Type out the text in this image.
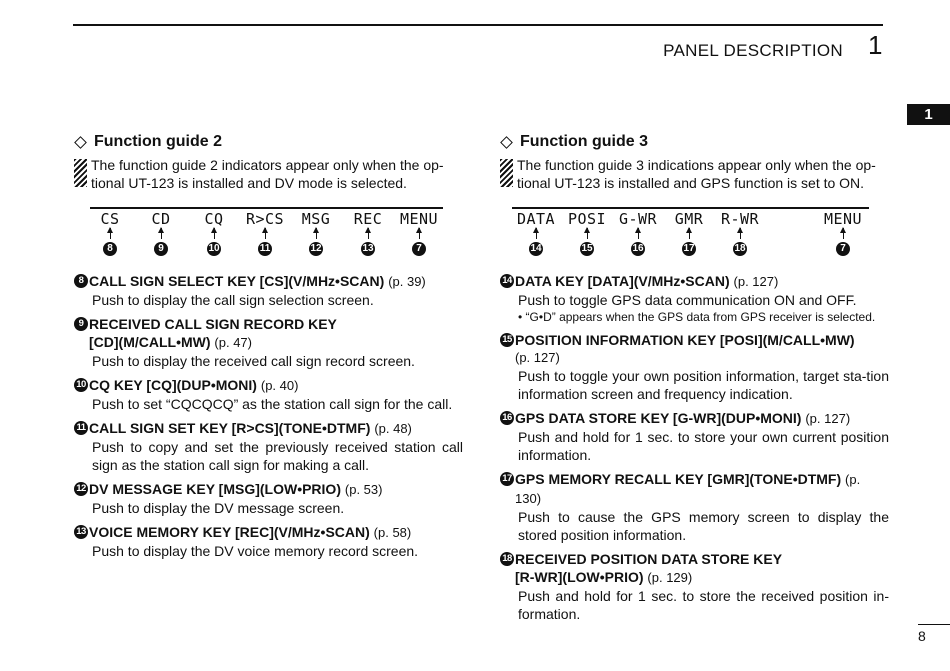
PANEL DESCRIPTION 1
1
8
Function guide 2
The function guide 2 indicators appear only when the op-
tional UT-123 is installed and DV mode is selected.
CS
8
CD
9
CQ
10
R>CS
11
MSG
12
REC
13
MENU
7
8 CALL SIGN SELECT KEY [CS](V/MHz•SCAN) (p. 39)
Push to display the call sign selection screen.
9 RECEIVED CALL SIGN RECORD KEY
[CD](M/CALL•MW) (p. 47)
Push to display the received call sign record screen.
10 CQ KEY [CQ](DUP•MONI) (p. 40)
Push to set “CQCQCQ” as the station call sign for the call.
11 CALL SIGN SET KEY [R>CS](TONE•DTMF) (p. 48)
Push to copy and set the previously received station call sign as the station call sign for making a call.
12 DV MESSAGE KEY [MSG](LOW•PRIO) (p. 53)
Push to display the DV message screen.
13 VOICE MEMORY KEY [REC](V/MHz•SCAN) (p. 58)
Push to display the DV voice memory record screen.
Function guide 3
The function guide 3 indications appear only when the op-
tional UT-123 is installed and GPS function is set to ON.
DATA
14
POSI
15
G-WR
16
GMR
17
R-WR
18
MENU
7
14 DATA KEY [DATA](V/MHz•SCAN) (p. 127)
Push to toggle GPS data communication ON and OFF.
• “G•D” appears when the GPS data from GPS receiver is selected.
15 POSITION INFORMATION KEY [POSI](M/CALL•MW)
(p. 127)
Push to toggle your own position information, target sta-tion information screen and frequency indication.
16 GPS DATA STORE KEY [G-WR](DUP•MONI) (p. 127)
Push and hold for 1 sec. to store your own current position information.
17 GPS MEMORY RECALL KEY [GMR](TONE•DTMF) (p. 130)
Push to cause the GPS memory screen to display the stored position information.
18 RECEIVED POSITION DATA STORE KEY
[R-WR](LOW•PRIO) (p. 129)
Push and hold for 1 sec. to store the received position in-formation.
